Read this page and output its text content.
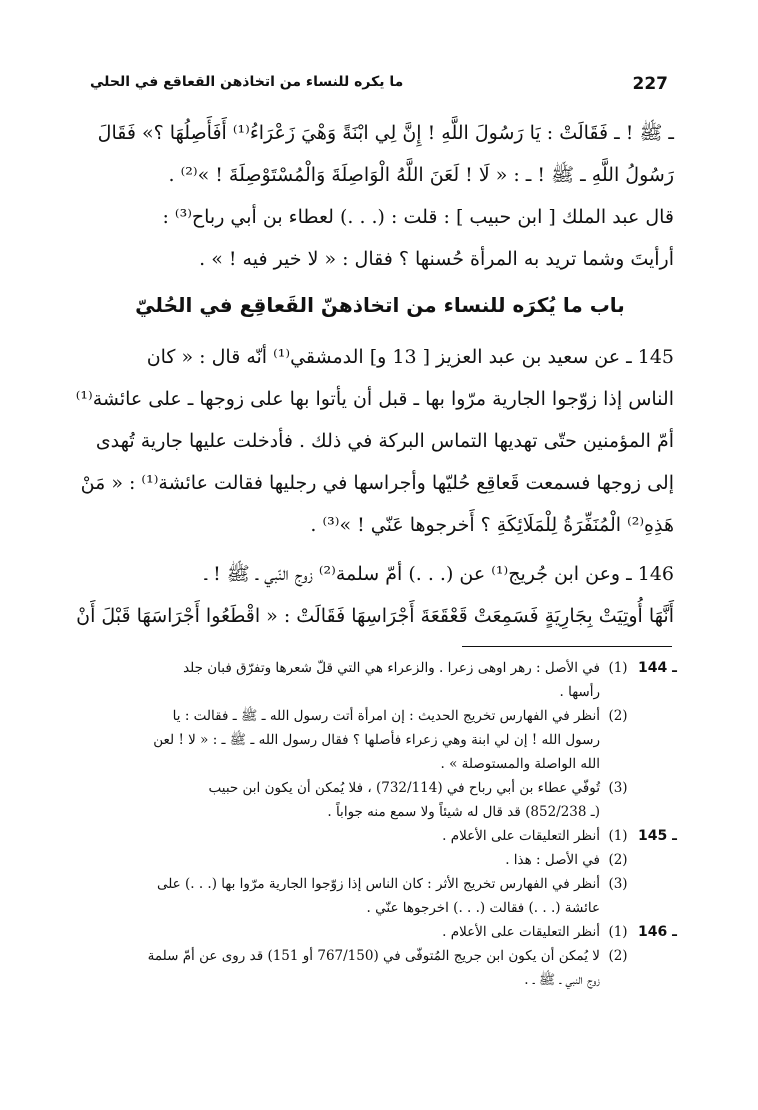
227
ما يكره للنساء من اتخاذهن القعاقع في الحلي
ـ ﷺ ! ـ فَقَالَتْ : يَا رَسُولَ اللَّهِ ! إِنَّ لِي ابْنَةً وَهْيَ زَعْرَاءُ⁽¹⁾ أَفَأَصِلُهَا ؟» فَقَالَ
رَسُولُ اللَّهِ ـ ﷺ ! ـ : « لَا ! لَعَنَ اللَّهُ الْوَاصِلَةَ وَالْمُسْتَوْصِلَةَ ! »⁽²⁾ .
قال عبد الملك [ ابن حبيب ] : قلت : (. . .) لعطاء بن أبي رباح⁽³⁾ :
أرأيتَ وشما تريد به المرأة حُسنها ؟ فقال : « لا خير فيه ! » .
باب ما يُكرَه للنساء من اتخاذهنّ القَعاقِع في الحُليّ
145 ـ عن سعيد بن عبد العزيز [ 13 و] الدمشقي⁽¹⁾ أنّه قال : « كان
الناس إذا زوّجوا الجارية مرّوا بها ـ قبل أن يأتوا بها على زوجها ـ على عائشة⁽¹⁾
أمّ المؤمنين حتّى تهديها التماس البركة في ذلك . فأدخلت عليها جارية تُهدى
إلى زوجها فسمعت قَعاقِع حُليّها وأجراسها في رجليها فقالت عائشة⁽¹⁾ : « مَنْ
هَذِهِ⁽²⁾ الْمُنَفِّرَةُ لِلْمَلَائِكَةِ ؟ أَخرجوها عَنّي ! »⁽³⁾ .
146 ـ وعن ابن جُريج⁽¹⁾ عن (. . .) أمّ سلمة⁽²⁾ زوج النّبي ـ ﷺ ! ـ
أَنَّهَا أُوتِيَتْ بِجَارِيَةٍ فَسَمِعَتْ قَعْقَعَةَ أَجْرَاسِهَا فَقَالَتْ : « اقْطَعُوا أَجْرَاسَهَا قَبْلَ أَنْ
144 ـ
(1)
في الأصل : رهر اوهى زعرا . والزعراء هي التي قلّ شعرها وتفرّق فبان جلد
رأسها .
(2)
أنظر في الفهارس تخريج الحديث : إن امرأة أتت رسول الله ـ ﷺ ـ فقالت : يا
رسول الله ! إن لي ابنة وهي زعراء فأصلها ؟ فقال رسول الله ـ ﷺ ـ : « لا ! لعن
الله الواصلة والمستوصلة » .
(3)
تُوفّي عطاء بن أبي رباح في (732/114) ، فلا يُمكن أن يكون ابن حبيب
(ـ 852/238) قد قال له شيئاً ولا سمع منه جواباً .
145 ـ
(1)
أنظر التعليقات على الأعلام .
(2)
في الأصل : هذا .
(3)
أنظر في الفهارس تخريج الأثر : كان الناس إذا زوّجوا الجارية مرّوا بها (. . .) على
عائشة (. . .) فقالت (. . .) اخرجوها عنّي .
146 ـ
(1)
أنظر التعليقات على الأعلام .
(2)
لا يُمكن أن يكون ابن جريج المُتوفّى في (767/150 أو 151) قد روى عن أمّ سلمة
زوج النبي ـ ﷺ ـ .
